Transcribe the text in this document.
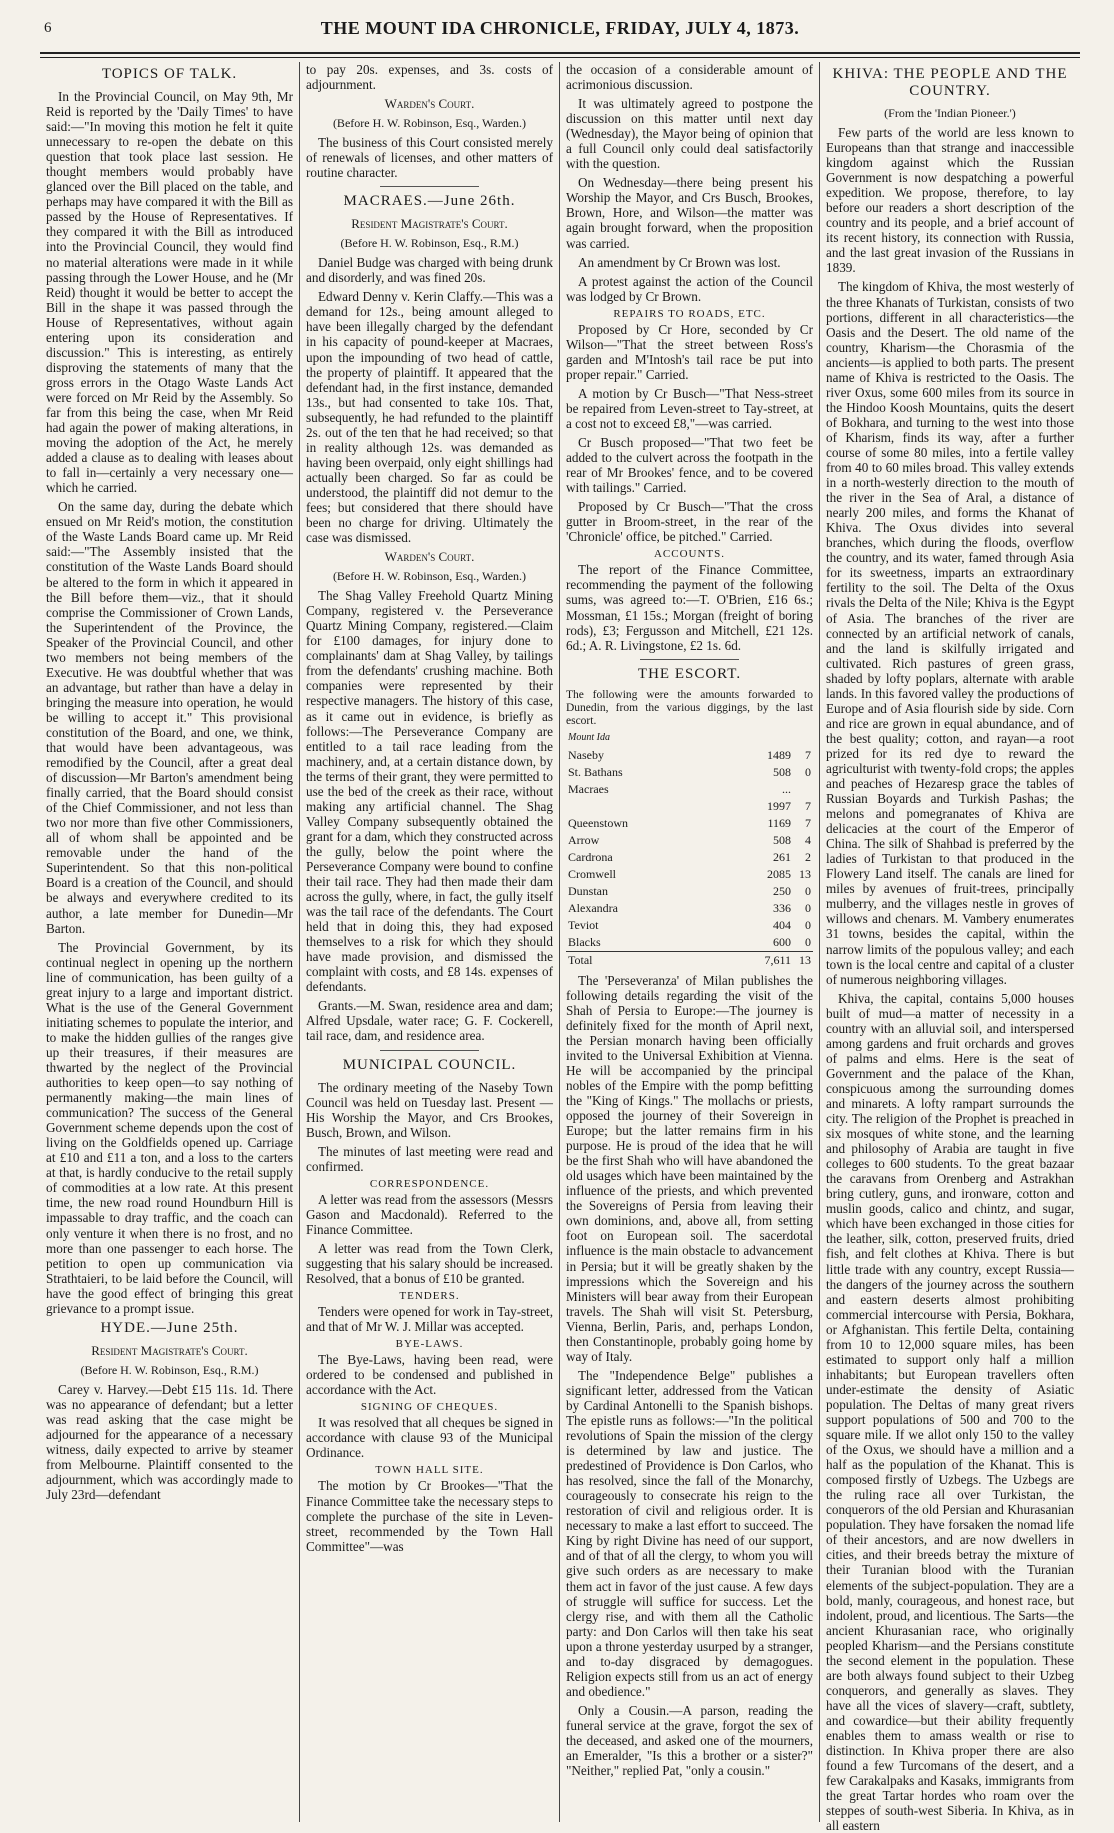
6	THE MOUNT IDA CHRONICLE, FRIDAY, JULY 4, 1873.
TOPICS OF TALK.

In the Provincial Council, on May 9th, Mr Reid is reported by the 'Daily Times' to have said:—"In moving this motion he felt it quite unnecessary to re-open the debate on this question that took place last session. He thought members would probably have glanced over the Bill placed on the table, and perhaps may have compared it with the Bill as passed by the House of Representatives. If they compared it with the Bill as introduced into the Provincial Council, they would find no material alterations were made in it while passing through the Lower House, and he (Mr Reid) thought it would be better to accept the Bill in the shape it was passed through the House of Representatives, without again entering upon its consideration and discussion." This is interesting, as entirely disproving the statements of many that the gross errors in the Otago Waste Lands Act were forced on Mr Reid by the Assembly. So far from this being the case, when Mr Reid had again the power of making alterations, in moving the adoption of the Act, he merely added a clause as to dealing with leases about to fall in—certainly a very necessary one—which he carried.

On the same day, during the debate which ensued on Mr Reid's motion, the constitution of the Waste Lands Board came up. Mr Reid said:—"The Assembly insisted that the constitution of the Waste Lands Board should be altered to the form in which it appeared in the Bill before them—viz., that it should comprise the Commissioner of Crown Lands, the Superintendent of the Province, the Speaker of the Provincial Council, and other two members not being members of the Executive. He was doubtful whether that was an advantage, but rather than have a delay in bringing the measure into operation, he would be willing to accept it." This provisional constitution of the Board, and one, we think, that would have been advantageous, was remodified by the Council, after a great deal of discussion—Mr Barton's amendment being finally carried, that the Board should consist of the Chief Commissioner, and not less than two nor more than five other Commissioners, all of whom shall be appointed and be removable under the hand of the Superintendent. So that this non-political Board is a creation of the Council, and should be always and everywhere credited to its author, a late member for Dunedin—Mr Barton.

The Provincial Government, by its continual neglect in opening up the northern line of communication, has been guilty of a great injury to a large and important district. What is the use of the General Government initiating schemes to populate the interior, and to make the hidden gullies of the ranges give up their treasures, if their measures are thwarted by the neglect of the Provincial authorities to keep open—to say nothing of permanently making—the main lines of communication? The success of the General Government scheme depends upon the cost of living on the Goldfields opened up. Carriage at £10 and £11 a ton, and a loss to the carters at that, is hardly conducive to the retail supply of commodities at a low rate. At this present time, the new road round Houndburn Hill is impassable to dray traffic, and the coach can only venture it when there is no frost, and no more than one passenger to each horse. The petition to open up communication via Strathtaieri, to be laid before the Council, will have the good effect of bringing this great grievance to a prompt issue.

HYDE.—June 25th.
Resident Magistrate's Court.
(Before H. W. Robinson, Esq., R.M.)

Carey v. Harvey.—Debt £15 11s. 1d. There was no appearance of defendant; but a letter was read asking that the case might be adjourned for the appearance of a necessary witness, daily expected to arrive by steamer from Melbourne. Plaintiff consented to the adjournment, which was accordingly made to July 23rd—defendant

to pay 20s. expenses, and 3s. costs of adjournment.

Warden's Court.
(Before H. W. Robinson, Esq., Warden.)

The business of this Court consisted merely of renewals of licenses, and other matters of routine character.

MACRAES.—June 26th.
Resident Magistrate's Court.
(Before H. W. Robinson, Esq., R.M.)

Daniel Budge was charged with being drunk and disorderly, and was fined 20s.

Edward Denny v. Kerin Claffy.—This was a demand for 12s., being amount alleged to have been illegally charged by the defendant in his capacity of pound-keeper at Macraes, upon the impounding of two head of cattle, the property of plaintiff. It appeared that the defendant had, in the first instance, demanded 13s., but had consented to take 10s. That, subsequently, he had refunded to the plaintiff 2s. out of the ten that he had received; so that in reality although 12s. was demanded as having been overpaid, only eight shillings had actually been charged. So far as could be understood, the plaintiff did not demur to the fees; but considered that there should have been no charge for driving. Ultimately the case was dismissed.

Warden's Court.
(Before H. W. Robinson, Esq., Warden.)

The Shag Valley Freehold Quartz Mining Company, registered v. the Perseverance Quartz Mining Company, registered.—Claim for £100 damages, for injury done to complainants' dam at Shag Valley, by tailings from the defendants' crushing machine. Both companies were represented by their respective managers. The history of this case, as it came out in evidence, is briefly as follows:—The Perseverance Company are entitled to a tail race leading from the machinery, and, at a certain distance down, by the terms of their grant, they were permitted to use the bed of the creek as their race, without making any artificial channel. The Shag Valley Company subsequently obtained the grant for a dam, which they constructed across the gully, below the point where the Perseverance Company were bound to confine their tail race. They had then made their dam across the gully, where, in fact, the gully itself was the tail race of the defendants. The Court held that in doing this, they had exposed themselves to a risk for which they should have made provision, and dismissed the complaint with costs, and £8 14s. expenses of defendants.

Grants.—M. Swan, residence area and dam; Alfred Upsdale, water race; G. F. Cockerell, tail race, dam, and residence area.

MUNICIPAL COUNCIL.

The ordinary meeting of the Naseby Town Council was held on Tuesday last. Present — His Worship the Mayor, and Crs Brookes, Busch, Brown, and Wilson.

The minutes of last meeting were read and confirmed.

CORRESPONDENCE.

A letter was read from the assessors (Messrs Gason and Macdonald). Referred to the Finance Committee.

A letter was read from the Town Clerk, suggesting that his salary should be increased. Resolved, that a bonus of £10 be granted.

TENDERS.

Tenders were opened for work in Tay-street, and that of Mr W. J. Millar was accepted.

BYE-LAWS.

The Bye-Laws, having been read, were ordered to be condensed and published in accordance with the Act.

SIGNING OF CHEQUES.

It was resolved that all cheques be signed in accordance with clause 93 of the Municipal Ordinance.

TOWN HALL SITE.

The motion by Cr Brookes—"That the Finance Committee take the necessary steps to complete the purchase of the site in Leven-street, recommended by the Town Hall Committee"—was

the occasion of a considerable amount of acrimonious discussion.

It was ultimately agreed to postpone the discussion on this matter until next day (Wednesday), the Mayor being of opinion that a full Council only could deal satisfactorily with the question.

On Wednesday—there being present his Worship the Mayor, and Crs Busch, Brookes, Brown, Hore, and Wilson—the matter was again brought forward, when the proposition was carried.

An amendment by Cr Brown was lost.

A protest against the action of the Council was lodged by Cr Brown.

REPAIRS TO ROADS, ETC.

Proposed by Cr Hore, seconded by Cr Wilson—"That the street between Ross's garden and M'Intosh's tail race be put into proper repair." Carried.

A motion by Cr Busch—"That Ness-street be repaired from Leven-street to Tay-street, at a cost not to exceed £8,"—was carried.

Cr Busch proposed—"That two feet be added to the culvert across the footpath in the rear of Mr Brookes' fence, and to be covered with tailings." Carried.

Proposed by Cr Busch—"That the cross gutter in Broom-street, in the rear of the 'Chronicle' office, be pitched." Carried.

ACCOUNTS.

The report of the Finance Committee, recommending the payment of the following sums, was agreed to:—T. O'Brien, £16 6s.; Mossman, £1 15s.; Morgan (freight of boring rods), £3; Fergusson and Mitchell, £21 12s. 6d.; A. R. Livingstone, £2 1s. 6d.

THE ESCORT.

The following were the amounts forwarded to Dunedin, from the various diggings, by the last escort.

Mount Ida
Naseby	1489	7
St. Bathans	508	0
Macraes	...	
	1997	7
Queenstown	1169	7
Arrow	508	4
Cardrona	261	2
Cromwell	2085	13
Dunstan	250	0
Alexandra	336	0
Teviot	404	0
Blacks	600	0
Total	7,611	13

The 'Perseveranza' of Milan publishes the following details regarding the visit of the Shah of Persia to Europe:—The journey is definitely fixed for the month of April next, the Persian monarch having been officially invited to the Universal Exhibition at Vienna. He will be accompanied by the principal nobles of the Empire with the pomp befitting the "King of Kings." The mollachs or priests, opposed the journey of their Sovereign in Europe; but the latter remains firm in his purpose. He is proud of the idea that he will be the first Shah who will have abandoned the old usages which have been maintained by the influence of the priests, and which prevented the Sovereigns of Persia from leaving their own dominions, and, above all, from setting foot on European soil. The sacerdotal influence is the main obstacle to advancement in Persia; but it will be greatly shaken by the impressions which the Sovereign and his Ministers will bear away from their European travels. The Shah will visit St. Petersburg, Vienna, Berlin, Paris, and, perhaps London, then Constantinople, probably going home by way of Italy.

The "Independence Belge" publishes a significant letter, addressed from the Vatican by Cardinal Antonelli to the Spanish bishops. The epistle runs as follows:—"In the political revolutions of Spain the mission of the clergy is determined by law and justice. The predestined of Providence is Don Carlos, who has resolved, since the fall of the Monarchy, courageously to consecrate his reign to the restoration of civil and religious order. It is necessary to make a last effort to succeed. The King by right Divine has need of our support, and of that of all the clergy, to whom you will give such orders as are necessary to make them act in favor of the just cause. A few days of struggle will suffice for success. Let the clergy rise, and with them all the Catholic party: and Don Carlos will then take his seat upon a throne yesterday usurped by a stranger, and to-day disgraced by demagogues. Religion expects still from us an act of energy and obedience."

Only a Cousin.—A parson, reading the funeral service at the grave, forgot the sex of the deceased, and asked one of the mourners, an Emeralder, "Is this a brother or a sister?" "Neither," replied Pat, "only a cousin."

KHIVA: THE PEOPLE AND THE COUNTRY.
(From the 'Indian Pioneer.')

Few parts of the world are less known to Europeans than that strange and inaccessible kingdom against which the Russian Government is now despatching a powerful expedition. We propose, therefore, to lay before our readers a short description of the country and its people, and a brief account of its recent history, its connection with Russia, and the last great invasion of the Russians in 1839.

The kingdom of Khiva, the most westerly of the three Khanats of Turkistan, consists of two portions, different in all characteristics—the Oasis and the Desert. The old name of the country, Kharism—the Chorasmia of the ancients—is applied to both parts. The present name of Khiva is restricted to the Oasis. The river Oxus, some 600 miles from its source in the Hindoo Koosh Mountains, quits the desert of Bokhara, and turning to the west into those of Kharism, finds its way, after a further course of some 80 miles, into a fertile valley from 40 to 60 miles broad. This valley extends in a north-westerly direction to the mouth of the river in the Sea of Aral, a distance of nearly 200 miles, and forms the Khanat of Khiva. The Oxus divides into several branches, which during the floods, overflow the country, and its water, famed through Asia for its sweetness, imparts an extraordinary fertility to the soil. The Delta of the Oxus rivals the Delta of the Nile; Khiva is the Egypt of Asia. The branches of the river are connected by an artificial network of canals, and the land is skilfully irrigated and cultivated. Rich pastures of green grass, shaded by lofty poplars, alternate with arable lands. In this favored valley the productions of Europe and of Asia flourish side by side. Corn and rice are grown in equal abundance, and of the best quality; cotton, and rayan—a root prized for its red dye to reward the agriculturist with twenty-fold crops; the apples and peaches of Hezaresp grace the tables of Russian Boyards and Turkish Pashas; the melons and pomegranates of Khiva are delicacies at the court of the Emperor of China. The silk of Shahbad is preferred by the ladies of Turkistan to that produced in the Flowery Land itself. The canals are lined for miles by avenues of fruit-trees, principally mulberry, and the villages nestle in groves of willows and chenars. M. Vambery enumerates 31 towns, besides the capital, within the narrow limits of the populous valley; and each town is the local centre and capital of a cluster of numerous neighboring villages.

Khiva, the capital, contains 5,000 houses built of mud—a matter of necessity in a country with an alluvial soil, and interspersed among gardens and fruit orchards and groves of palms and elms. Here is the seat of Government and the palace of the Khan, conspicuous among the surrounding domes and minarets. A lofty rampart surrounds the city. The religion of the Prophet is preached in six mosques of white stone, and the learning and philosophy of Arabia are taught in five colleges to 600 students. To the great bazaar the caravans from Orenberg and Astrakhan bring cutlery, guns, and ironware, cotton and muslin goods, calico and chintz, and sugar, which have been exchanged in those cities for the leather, silk, cotton, preserved fruits, dried fish, and felt clothes at Khiva. There is but little trade with any country, except Russia—the dangers of the journey across the southern and eastern deserts almost prohibiting commercial intercourse with Persia, Bokhara, or Afghanistan. This fertile Delta, containing from 10 to 12,000 square miles, has been estimated to support only half a million inhabitants; but European travellers often under-estimate the density of Asiatic population. The Deltas of many great rivers support populations of 500 and 700 to the square mile. If we allot only 150 to the valley of the Oxus, we should have a million and a half as the population of the Khanat. This is composed firstly of Uzbegs. The Uzbegs are the ruling race all over Turkistan, the conquerors of the old Persian and Khurasanian population. They have forsaken the nomad life of their ancestors, and are now dwellers in cities, and their breeds betray the mixture of their Turanian blood with the Turanian elements of the subject-population. They are a bold, manly, courageous, and honest race, but indolent, proud, and licentious. The Sarts—the ancient Khurasanian race, who originally peopled Kharism—and the Persians constitute the second element in the population. These are both always found subject to their Uzbeg conquerors, and generally as slaves. They have all the vices of slavery—craft, subtlety, and cowardice—but their ability frequently enables them to amass wealth or rise to distinction. In Khiva proper there are also found a few Turcomans of the desert, and a few Carakalpaks and Kasaks, immigrants from the great Tartar hordes who roam over the steppes of south-west Siberia. In Khiva, as in all eastern
